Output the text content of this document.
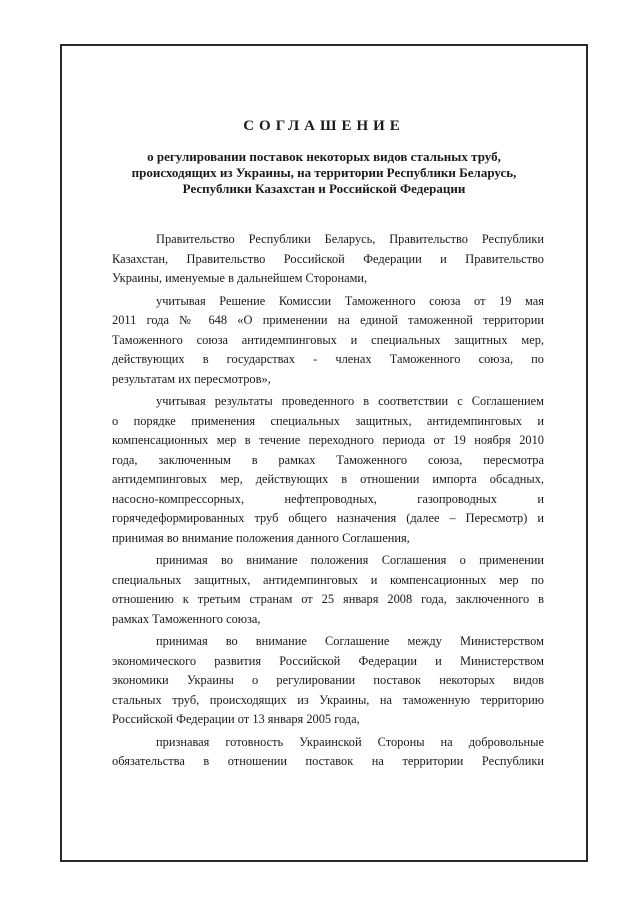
СОГЛАШЕНИЕ
о регулировании поставок некоторых видов стальных труб,
происходящих из Украины, на территории Республики Беларусь,
Республики Казахстан и Российской Федерации

Правительство Республики Беларусь, Правительство Республики
Казахстан, Правительство Российской Федерации и Правительство
Украины, именуемые в дальнейшем Сторонами,

учитывая Решение Комиссии Таможенного союза от 19 мая
2011 года № 648 «О применении на единой таможенной территории
Таможенного союза антидемпинговых и специальных защитных мер,
действующих в государствах - членах Таможенного союза, по
результатам их пересмотров»,

учитывая результаты проведенного в соответствии с Соглашением
о порядке применения специальных защитных, антидемпинговых и
компенсационных мер в течение переходного периода от 19 ноября 2010
года, заключенным в рамках Таможенного союза, пересмотра
антидемпинговых мер, действующих в отношении импорта обсадных,
насосно-компрессорных, нефтепроводных, газопроводных и
горячедеформированных труб общего назначения (далее – Пересмотр) и
принимая во внимание положения данного Соглашения,

принимая во внимание положения Соглашения о применении
специальных защитных, антидемпинговых и компенсационных мер по
отношению к третьим странам от 25 января 2008 года, заключенного в
рамках Таможенного союза,

принимая во внимание Соглашение между Министерством
экономического развития Российской Федерации и Министерством
экономики Украины о регулировании поставок некоторых видов
стальных труб, происходящих из Украины, на таможенную территорию
Российской Федерации от 13 января 2005 года,

признавая готовность Украинской Стороны на добровольные
обязательства в отношении поставок на территории Республики
